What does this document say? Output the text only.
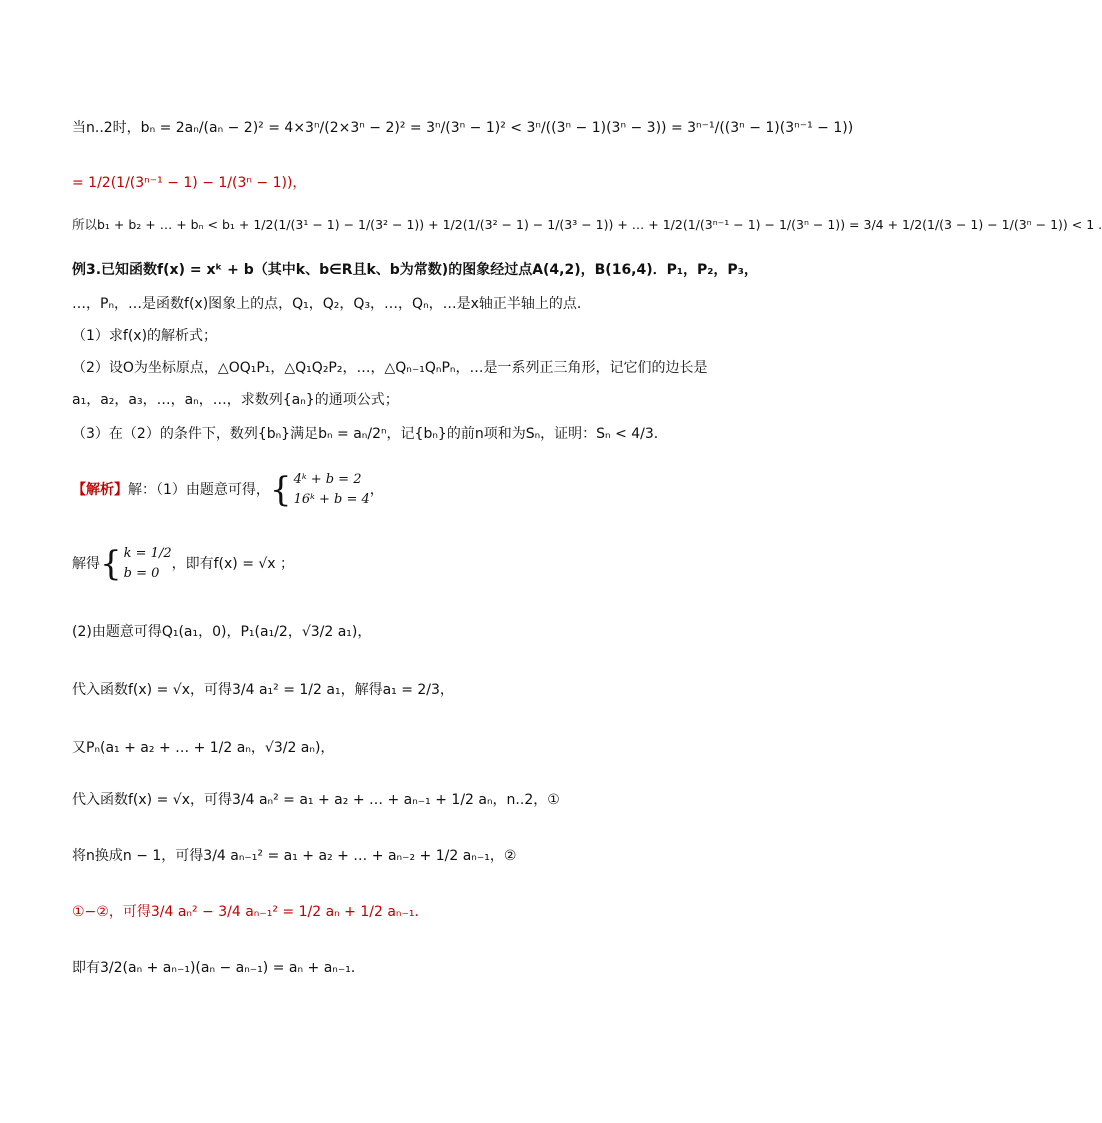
当n..2时，bₙ = 2aₙ/(aₙ − 2)² = 4×3ⁿ/(2×3ⁿ − 2)² = 3ⁿ/(3ⁿ − 1)² < 3ⁿ/((3ⁿ − 1)(3ⁿ − 3)) = 3ⁿ⁻¹/((3ⁿ − 1)(3ⁿ⁻¹ − 1))
= 1/2(1/(3ⁿ⁻¹ − 1) − 1/(3ⁿ − 1))，
所以b₁ + b₂ + … + bₙ < b₁ + 1/2(1/(3¹ − 1) − 1/(3² − 1)) + 1/2(1/(3² − 1) − 1/(3³ − 1)) + … + 1/2(1/(3ⁿ⁻¹ − 1) − 1/(3ⁿ − 1)) = 3/4 + 1/2(1/(3 − 1) − 1/(3ⁿ − 1)) < 1 .
例3.已知函数f(x) = xᵏ + b（其中k、b∈R且k、b为常数)的图象经过点A(4,2)，B(16,4)．P₁，P₂，P₃，
…，Pₙ，…是函数f(x)图象上的点，Q₁，Q₂，Q₃，…，Qₙ，…是x轴正半轴上的点．
（1）求f(x)的解析式；
（2）设O为坐标原点，△OQ₁P₁，△Q₁Q₂P₂，…，△Qₙ₋₁QₙPₙ，…是一系列正三角形，记它们的边长是
a₁，a₂，a₃，…，aₙ，…，求数列{aₙ}的通项公式；
（3）在（2）的条件下，数列{bₙ}满足bₙ = aₙ/2ⁿ，记{bₙ}的前n项和为Sₙ，证明：Sₙ < 4/3．
【解析】解：（1）由题意可得，{ 4ᵏ + b = 2
16ᵏ + b = 4
，
解得{ k = 1/2
b = 0
，即有f(x) = √x ；
(2)由题意可得Q₁(a₁，0)，P₁(a₁/2，√3/2 a₁)，
代入函数f(x) = √x，可得3/4 a₁² = 1/2 a₁，解得a₁ = 2/3，
又Pₙ(a₁ + a₂ + … + 1/2 aₙ，√3/2 aₙ)，
代入函数f(x) = √x，可得3/4 aₙ² = a₁ + a₂ + … + aₙ₋₁ + 1/2 aₙ，n..2，①
将n换成n − 1，可得3/4 aₙ₋₁² = a₁ + a₂ + … + aₙ₋₂ + 1/2 aₙ₋₁，②
①−②，可得3/4 aₙ² − 3/4 aₙ₋₁² = 1/2 aₙ + 1/2 aₙ₋₁．
即有3/2(aₙ + aₙ₋₁)(aₙ − aₙ₋₁) = aₙ + aₙ₋₁．
